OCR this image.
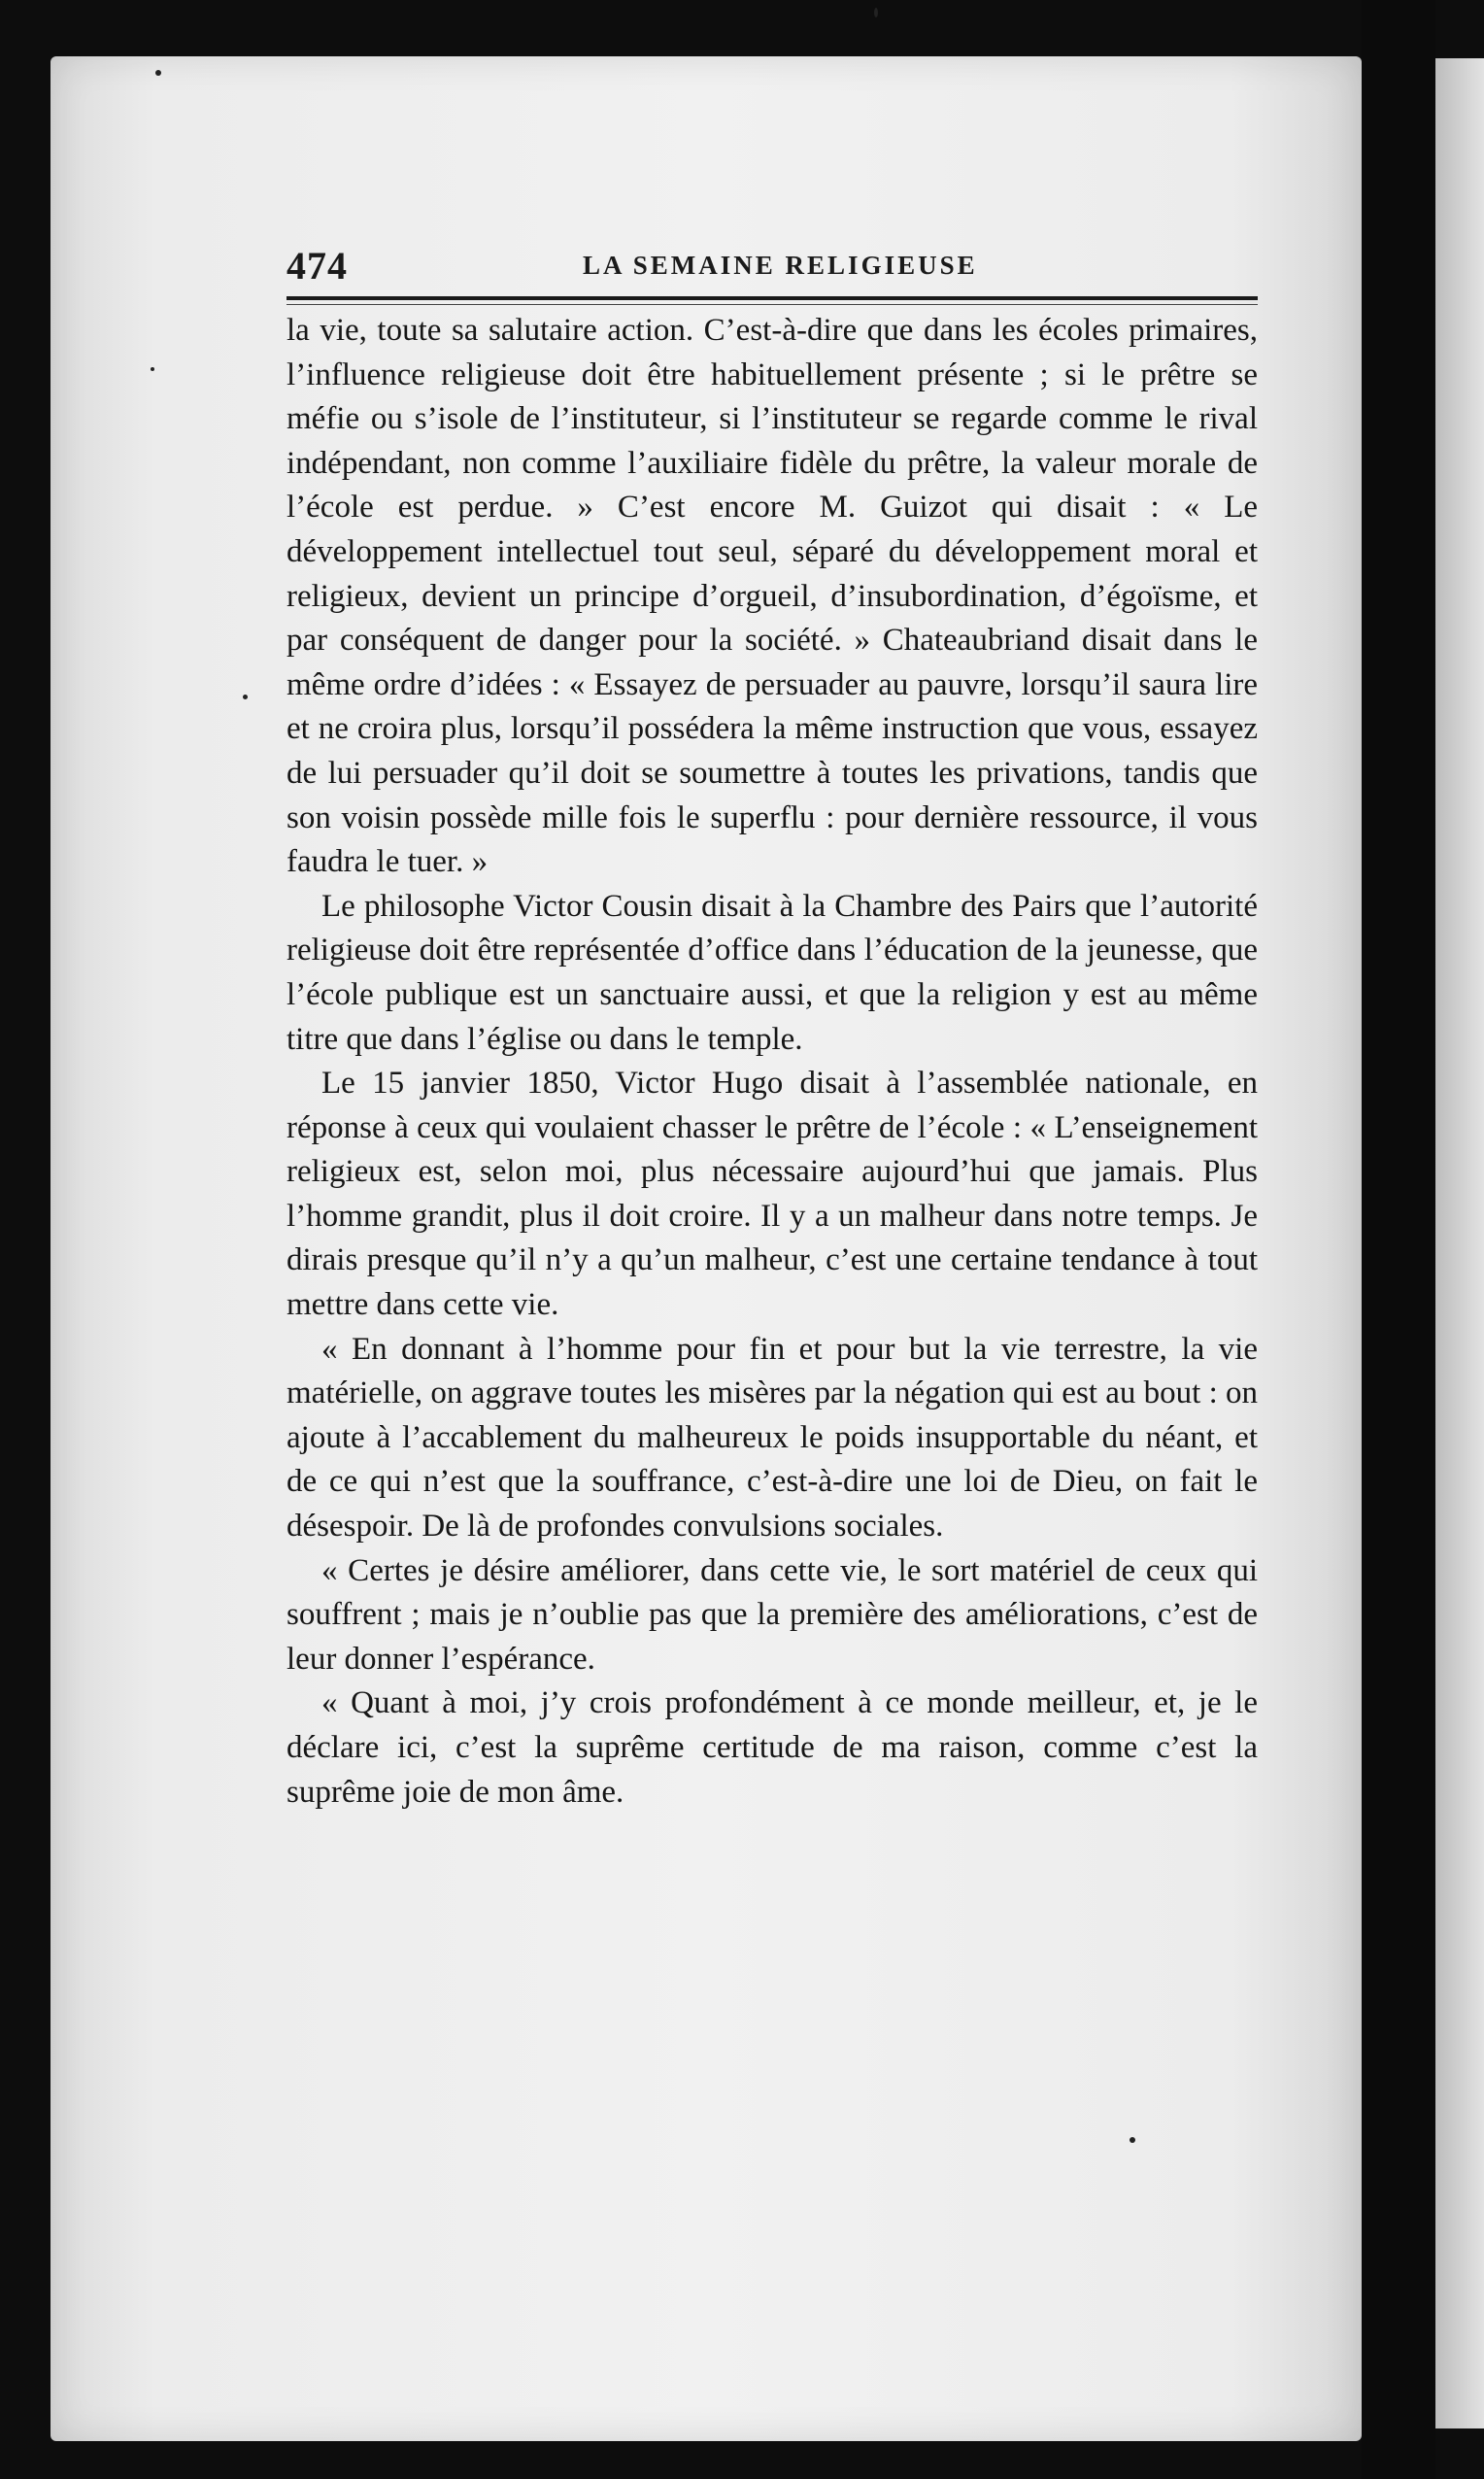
474	LA SEMAINE RELIGIEUSE

la vie, toute sa salutaire action. C’est-à-dire que dans les écoles primaires, l’influence religieuse doit être habituellement présente ; si le prêtre se méfie ou s’isole de l’instituteur, si l’instituteur se regarde comme le rival indépendant, non comme l’auxiliaire fidèle du prêtre, la valeur morale de l’école est perdue. » C’est encore M. Guizot qui disait : « Le développement intellectuel tout seul, séparé du développement moral et religieux, devient un principe d’orgueil, d’insubordination, d’égoïsme, et par conséquent de danger pour la société. » Chateaubriand disait dans le même ordre d’idées : « Essayez de persuader au pauvre, lorsqu’il saura lire et ne croira plus, lorsqu’il possédera la même instruction que vous, essayez de lui persuader qu’il doit se soumettre à toutes les privations, tandis que son voisin possède mille fois le superflu : pour dernière ressource, il vous faudra le tuer. »

Le philosophe Victor Cousin disait à la Chambre des Pairs que l’autorité religieuse doit être représentée d’office dans l’éducation de la jeunesse, que l’école publique est un sanctuaire aussi, et que la religion y est au même titre que dans l’église ou dans le temple.

Le 15 janvier 1850, Victor Hugo disait à l’assemblée nationale, en réponse à ceux qui voulaient chasser le prêtre de l’école : « L’enseignement religieux est, selon moi, plus nécessaire aujourd’hui que jamais. Plus l’homme grandit, plus il doit croire. Il y a un malheur dans notre temps. Je dirais presque qu’il n’y a qu’un malheur, c’est une certaine tendance à tout mettre dans cette vie.

« En donnant à l’homme pour fin et pour but la vie terrestre, la vie matérielle, on aggrave toutes les misères par la négation qui est au bout : on ajoute à l’accablement du malheureux le poids insupportable du néant, et de ce qui n’est que la souffrance, c’est-à-dire une loi de Dieu, on fait le désespoir. De là de profondes convulsions sociales.

« Certes je désire améliorer, dans cette vie, le sort matériel de ceux qui souffrent ; mais je n’oublie pas que la première des améliorations, c’est de leur donner l’espérance.

« Quant à moi, j’y crois profondément à ce monde meilleur, et, je le déclare ici, c’est la suprême certitude de ma raison, comme c’est la suprême joie de mon âme.
